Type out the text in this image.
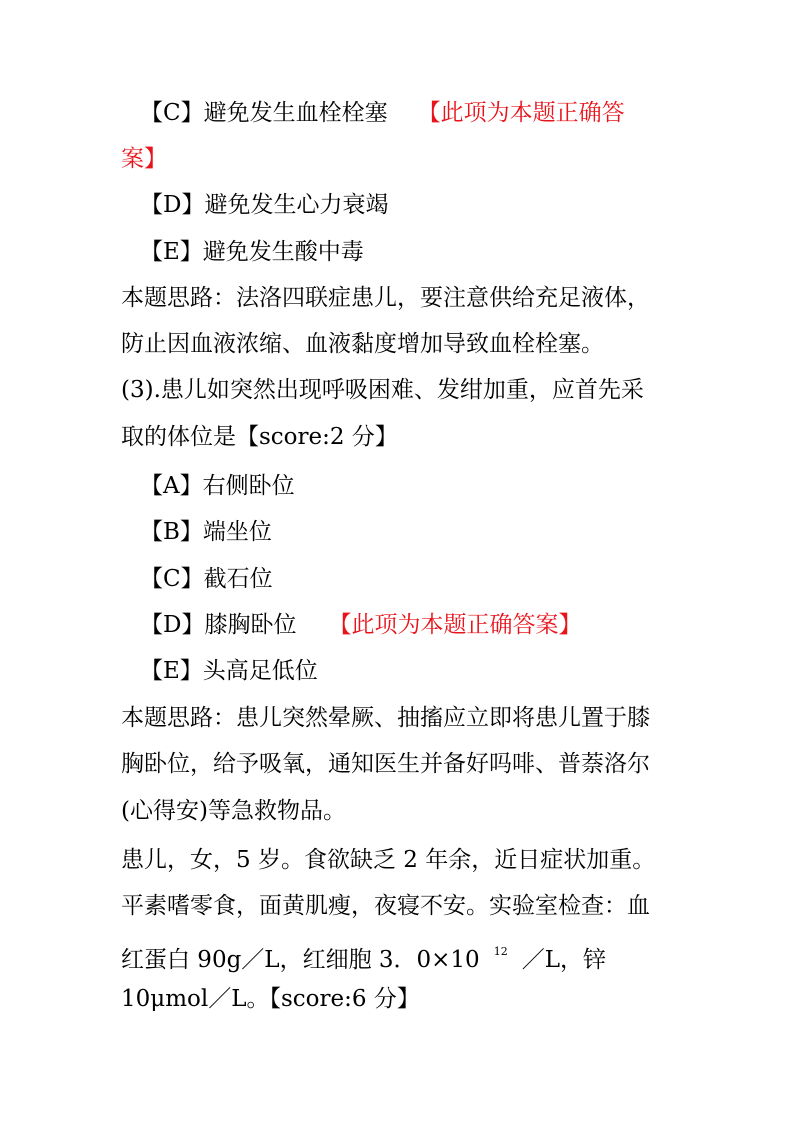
【C】避免发生血栓栓塞 【此项为本题正确答
案】
【D】避免发生心力衰竭
【E】避免发生酸中毒
本题思路：法洛四联症患儿，要注意供给充足液体，
防止因血液浓缩、血液黏度增加导致血栓栓塞。
(3).患儿如突然出现呼吸困难、发绀加重，应首先采
取的体位是【score:2 分】
【A】右侧卧位
【B】端坐位
【C】截石位
【D】膝胸卧位 【此项为本题正确答案】
【E】头高足低位
本题思路：患儿突然晕厥、抽搐应立即将患儿置于膝
胸卧位，给予吸氧，通知医生并备好吗啡、普萘洛尔
(心得安)等急救物品。
患儿，女，5 岁。食欲缺乏 2 年余，近日症状加重。
平素嗜零食，面黄肌瘦，夜寝不安。实验室检查：血
红蛋白 90g／L，红细胞 3．0×10 $^{12}$ ／L，锌
10μmol／L。【score:6 分】
